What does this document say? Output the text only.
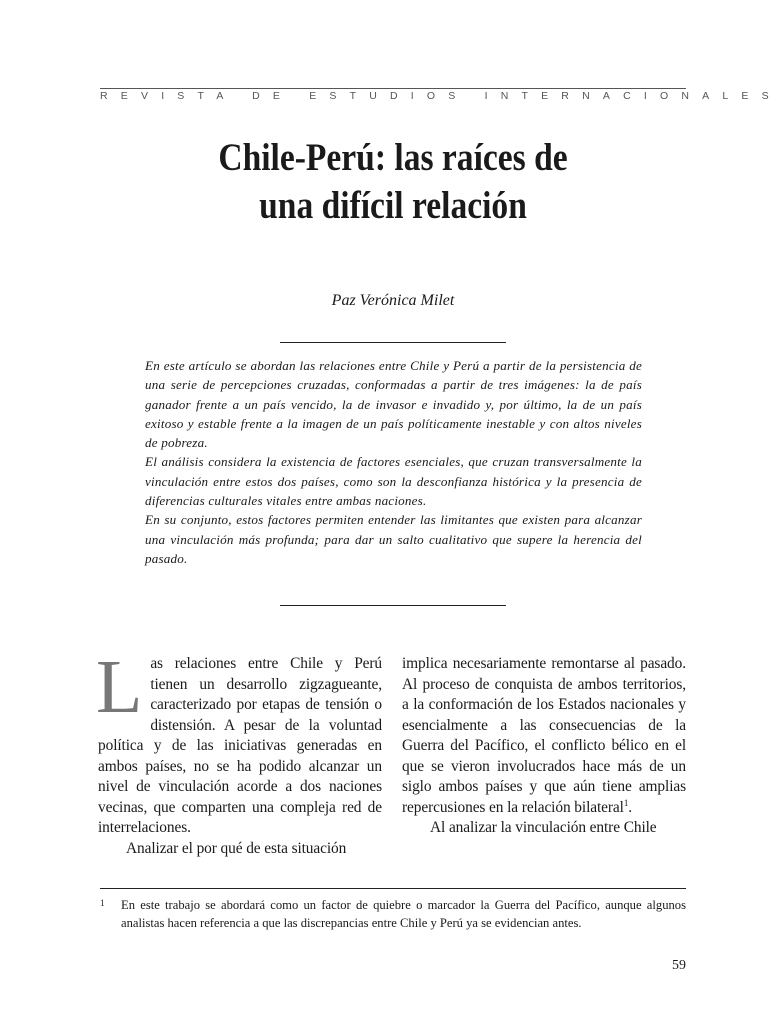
REVISTA DE ESTUDIOS INTERNACIONALES
Chile-Perú: las raíces de
una difícil relación
Paz Verónica Milet

En este artículo se abordan las relaciones entre Chile y Perú a partir de la persistencia de una serie de percepciones cruzadas, conformadas a partir de tres imágenes: la de país ganador frente a un país vencido, la de invasor e invadido y, por último, la de un país exitoso y estable frente a la imagen de un país políticamente inestable y con altos niveles de pobreza.

El análisis considera la existencia de factores esenciales, que cruzan transversalmente la vinculación entre estos dos países, como son la desconfianza histórica y la presencia de diferencias culturales vitales entre ambas naciones.

En su conjunto, estos factores permiten entender las limitantes que existen para alcanzar una vinculación más profunda; para dar un salto cualitativo que supere la herencia del pasado.

Las relaciones entre Chile y Perú tienen un desarrollo zigzagueante, caracterizado por etapas de tensión o distensión. A pesar de la voluntad política y de las iniciativas generadas en ambos países, no se ha podido alcanzar un nivel de vinculación acorde a dos naciones vecinas, que comparten una compleja red de interrelaciones.

Analizar el por qué de esta situación

implica necesariamente remontarse al pasado. Al proceso de conquista de ambos territorios, a la conformación de los Estados nacionales y esencialmente a las consecuencias de la Guerra del Pacífico, el conflicto bélico en el que se vieron involucrados hace más de un siglo ambos países y que aún tiene amplias repercusiones en la relación bilateral$^1$.

Al analizar la vinculación entre Chile

1 En este trabajo se abordará como un factor de quiebre o marcador la Guerra del Pacífico, aunque algunos analistas hacen referencia a que las discrepancias entre Chile y Perú ya se evidencian antes.
59
